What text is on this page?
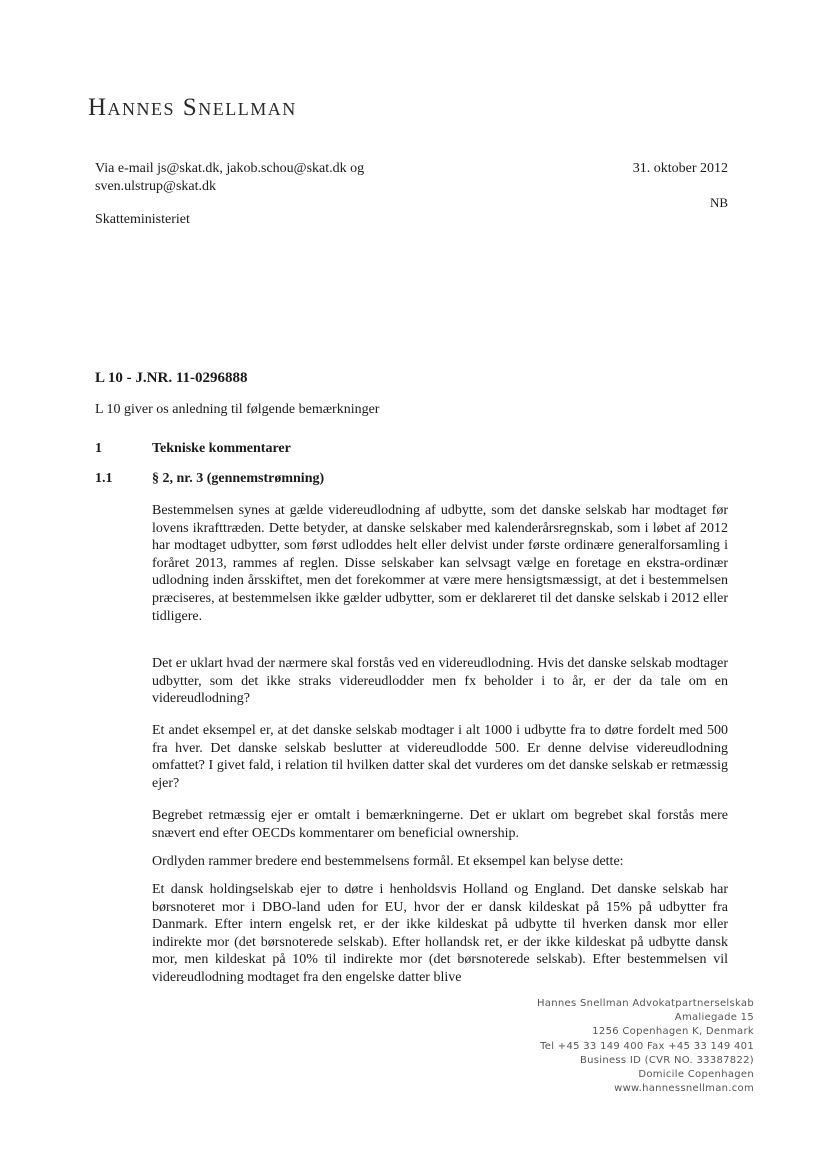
Hannes Snellman
Via e-mail js@skat.dk, jakob.schou@skat.dk og
sven.ulstrup@skat.dk
31. oktober 2012
NB
Skatteministeriet
L 10 - J.NR. 11-0296888
L 10 giver os anledning til følgende bemærkninger
1	Tekniske kommentarer
1.1	§ 2, nr. 3 (gennemstrømning)

Bestemmelsen synes at gælde videreudlodning af udbytte, som det danske selskab har modtaget før lovens ikrafttræden. Dette betyder, at danske selskaber med kalenderårsregnskab, som i løbet af 2012 har modtaget udbytter, som først udloddes helt eller delvist under første ordinære generalforsamling i foråret 2013, rammes af reglen. Disse selskaber kan selvsagt vælge en foretage en ekstra-ordinær udlodning inden årsskiftet, men det forekommer at være mere hensigtsmæssigt, at det i bestemmelsen præciseres, at bestemmelsen ikke gælder udbytter, som er deklareret til det danske selskab i 2012 eller tidligere.

Det er uklart hvad der nærmere skal forstås ved en videreudlodning. Hvis det danske selskab modtager udbytter, som det ikke straks videreudlodder men fx beholder i to år, er der da tale om en videreudlodning?

Et andet eksempel er, at det danske selskab modtager i alt 1000 i udbytte fra to døtre fordelt med 500 fra hver. Det danske selskab beslutter at videreudlodde 500. Er denne delvise videreudlodning omfattet? I givet fald, i relation til hvilken datter skal det vurderes om det danske selskab er retmæssig ejer?

Begrebet retmæssig ejer er omtalt i bemærkningerne. Det er uklart om begrebet skal forstås mere snævert end efter OECDs kommentarer om beneficial ownership.

Ordlyden rammer bredere end bestemmelsens formål. Et eksempel kan belyse dette:

Et dansk holdingselskab ejer to døtre i henholdsvis Holland og England. Det danske selskab har børsnoteret mor i DBO-land uden for EU, hvor der er dansk kildeskat på 15% på udbytter fra Danmark. Efter intern engelsk ret, er der ikke kildeskat på udbytte til hverken dansk mor eller indirekte mor (det børsnoterede selskab). Efter hollandsk ret, er der ikke kildeskat på udbytte dansk mor, men kildeskat på 10% til indirekte mor (det børsnoterede selskab). Efter bestemmelsen vil videreudlodning modtaget fra den engelske datter blive

Hannes Snellman Advokatpartnerselskab
Amaliegade 15
1256 Copenhagen K, Denmark
Tel +45 33 149 400 Fax +45 33 149 401
Business ID (CVR NO. 33387822)
Domicile Copenhagen
www.hannessnellman.com
